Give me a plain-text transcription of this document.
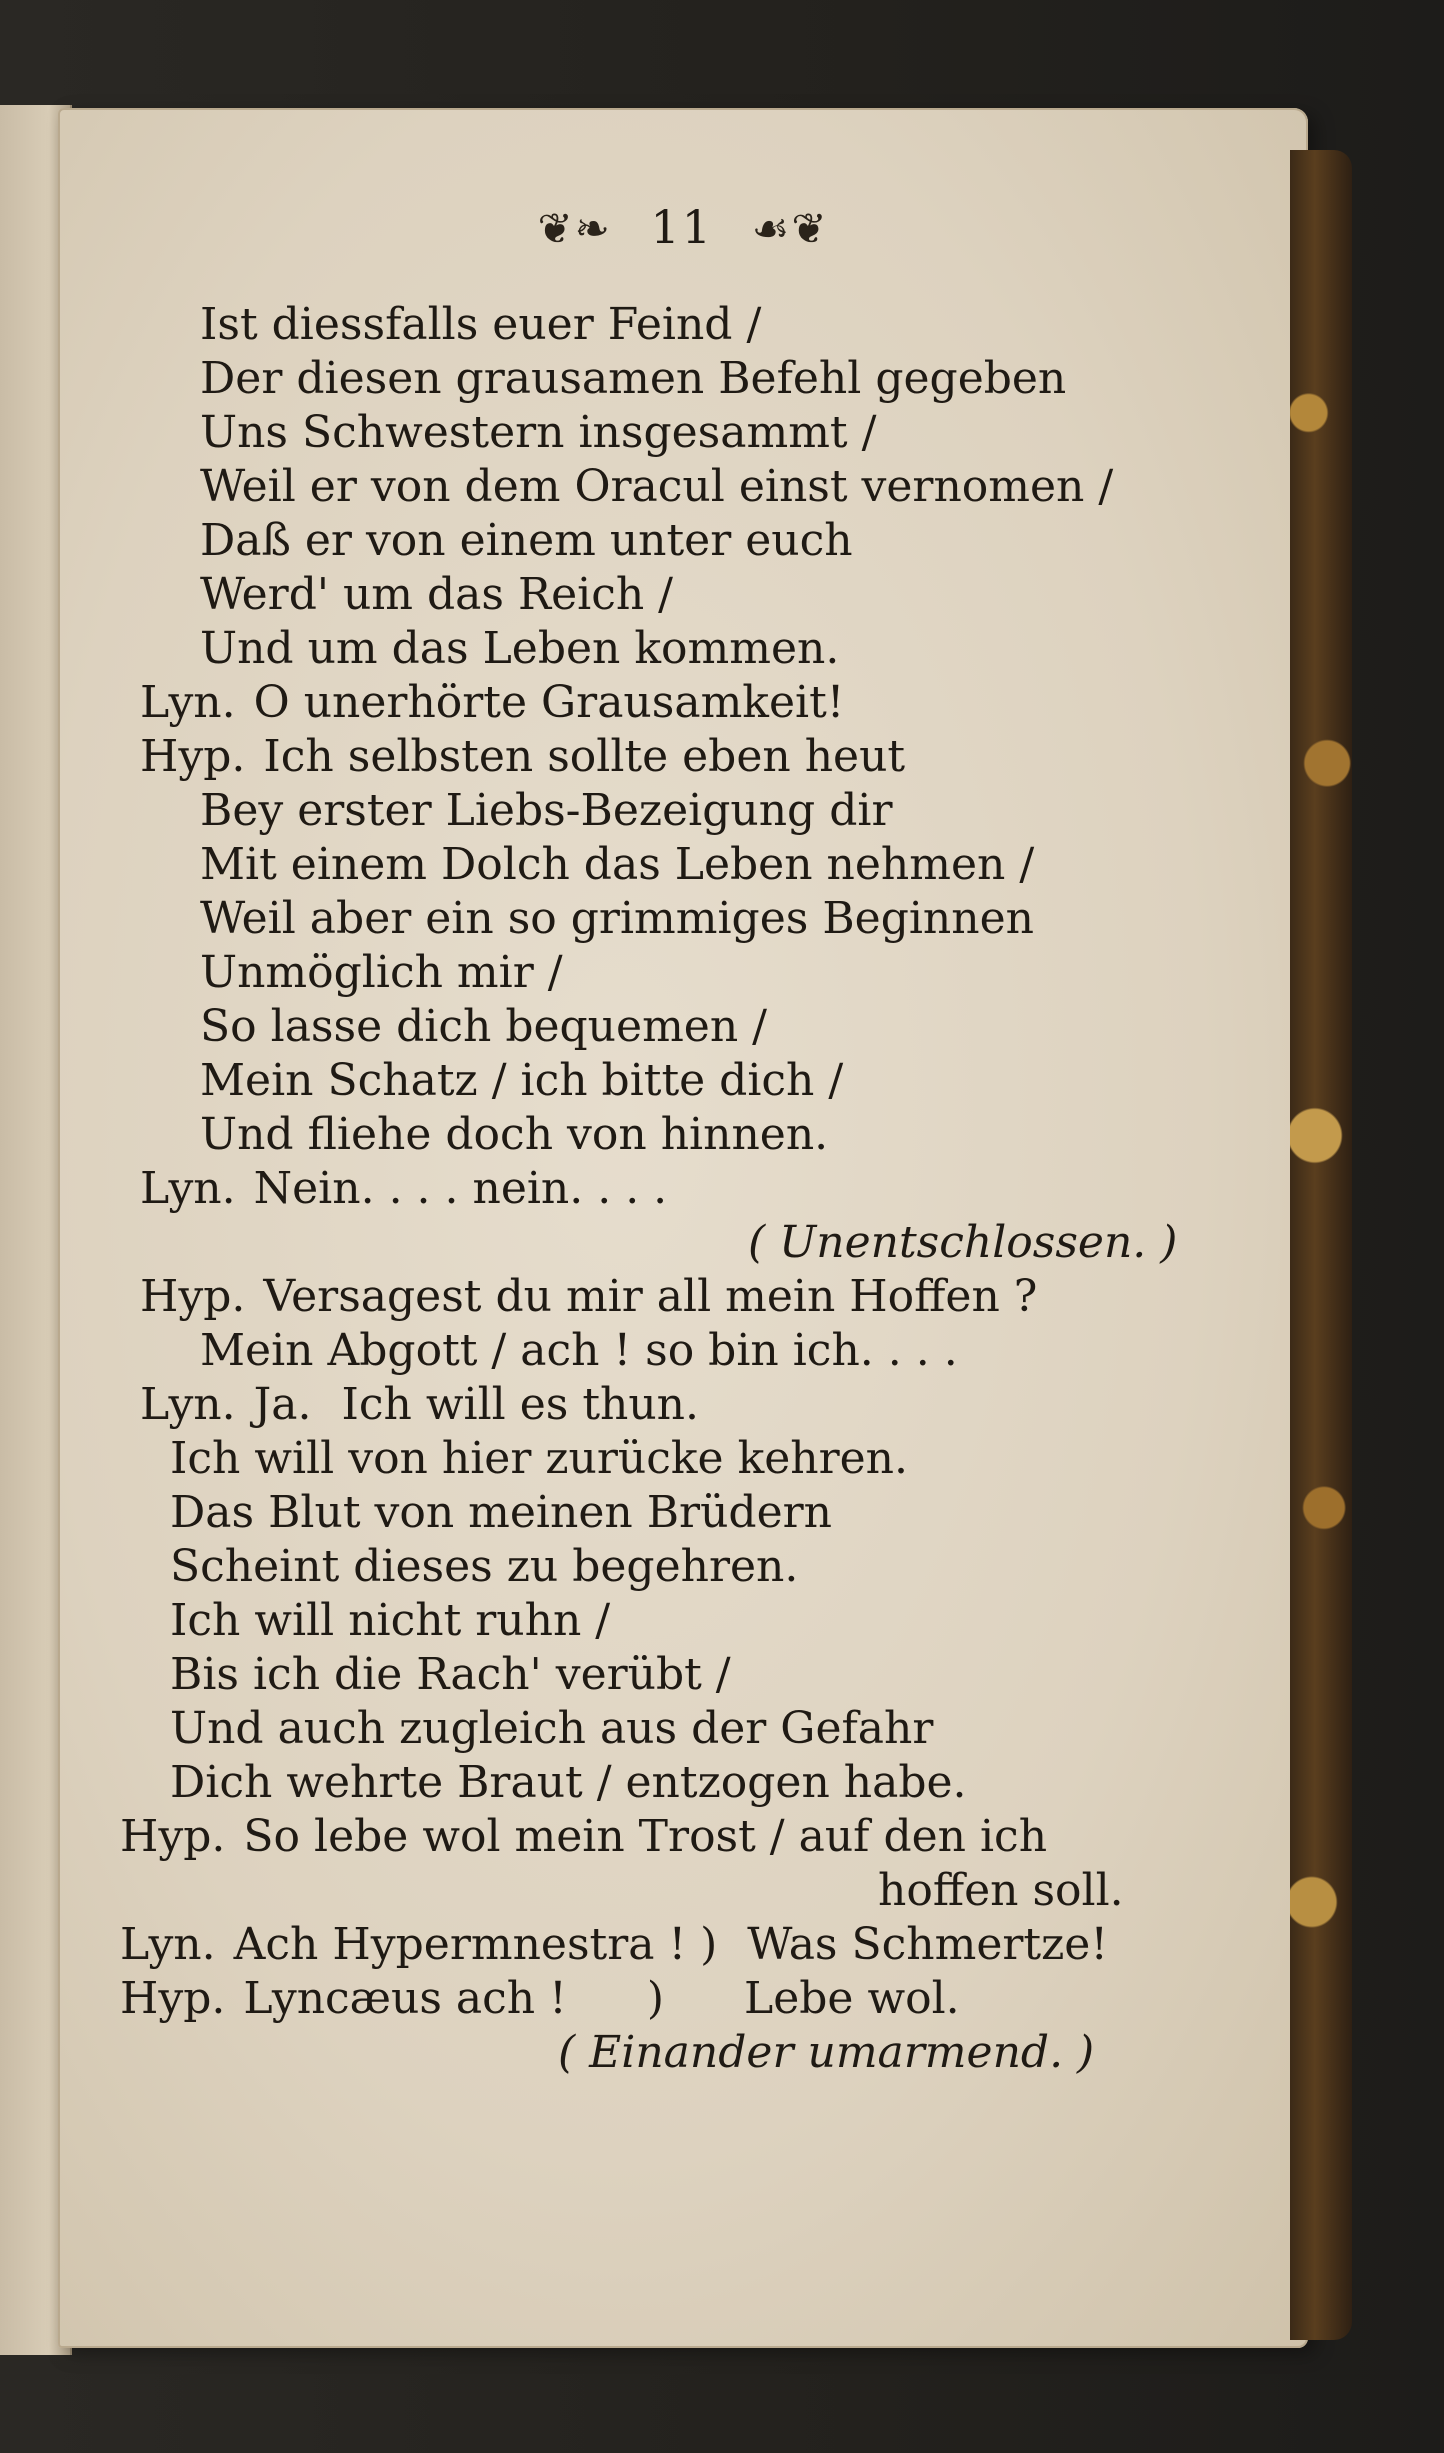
❦❧ 11 ☙❦
Ist diessfalls euer Feind /
Der diesen grausamen Befehl gegeben
Uns Schwestern insgesammt /
Weil er von dem Oracul einst vernomen /
Daß er von einem unter euch
Werd' um das Reich /
Und um das Leben kommen.
Lyn. O unerhörte Grausamkeit!
Hyp. Ich selbsten sollte eben heut
Bey erster Liebs-Bezeigung dir
Mit einem Dolch das Leben nehmen /
Weil aber ein so grimmiges Beginnen
Unmöglich mir /
So lasse dich bequemen /
Mein Schatz / ich bitte dich /
Und fliehe doch von hinnen.
Lyn. Nein. . . . nein. . . .
( Unentschlossen. )
Hyp. Versagest du mir all mein Hoffen ?
Mein Abgott / ach ! so bin ich. . . .
Lyn. Ja. Ich will es thun.
Ich will von hier zurücke kehren.
Das Blut von meinen Brüdern
Scheint dieses zu begehren.
Ich will nicht ruhn /
Bis ich die Rach' verübt /
Und auch zugleich aus der Gefahr
Dich wehrte Braut / entzogen habe.
Hyp. So lebe wol mein Trost / auf den ich
hoffen soll.
Lyn. Ach Hypermnestra ! ) Was Schmertze!
Hyp. Lyncæus ach ! ) Lebe wol.
( Einander umarmend. )
